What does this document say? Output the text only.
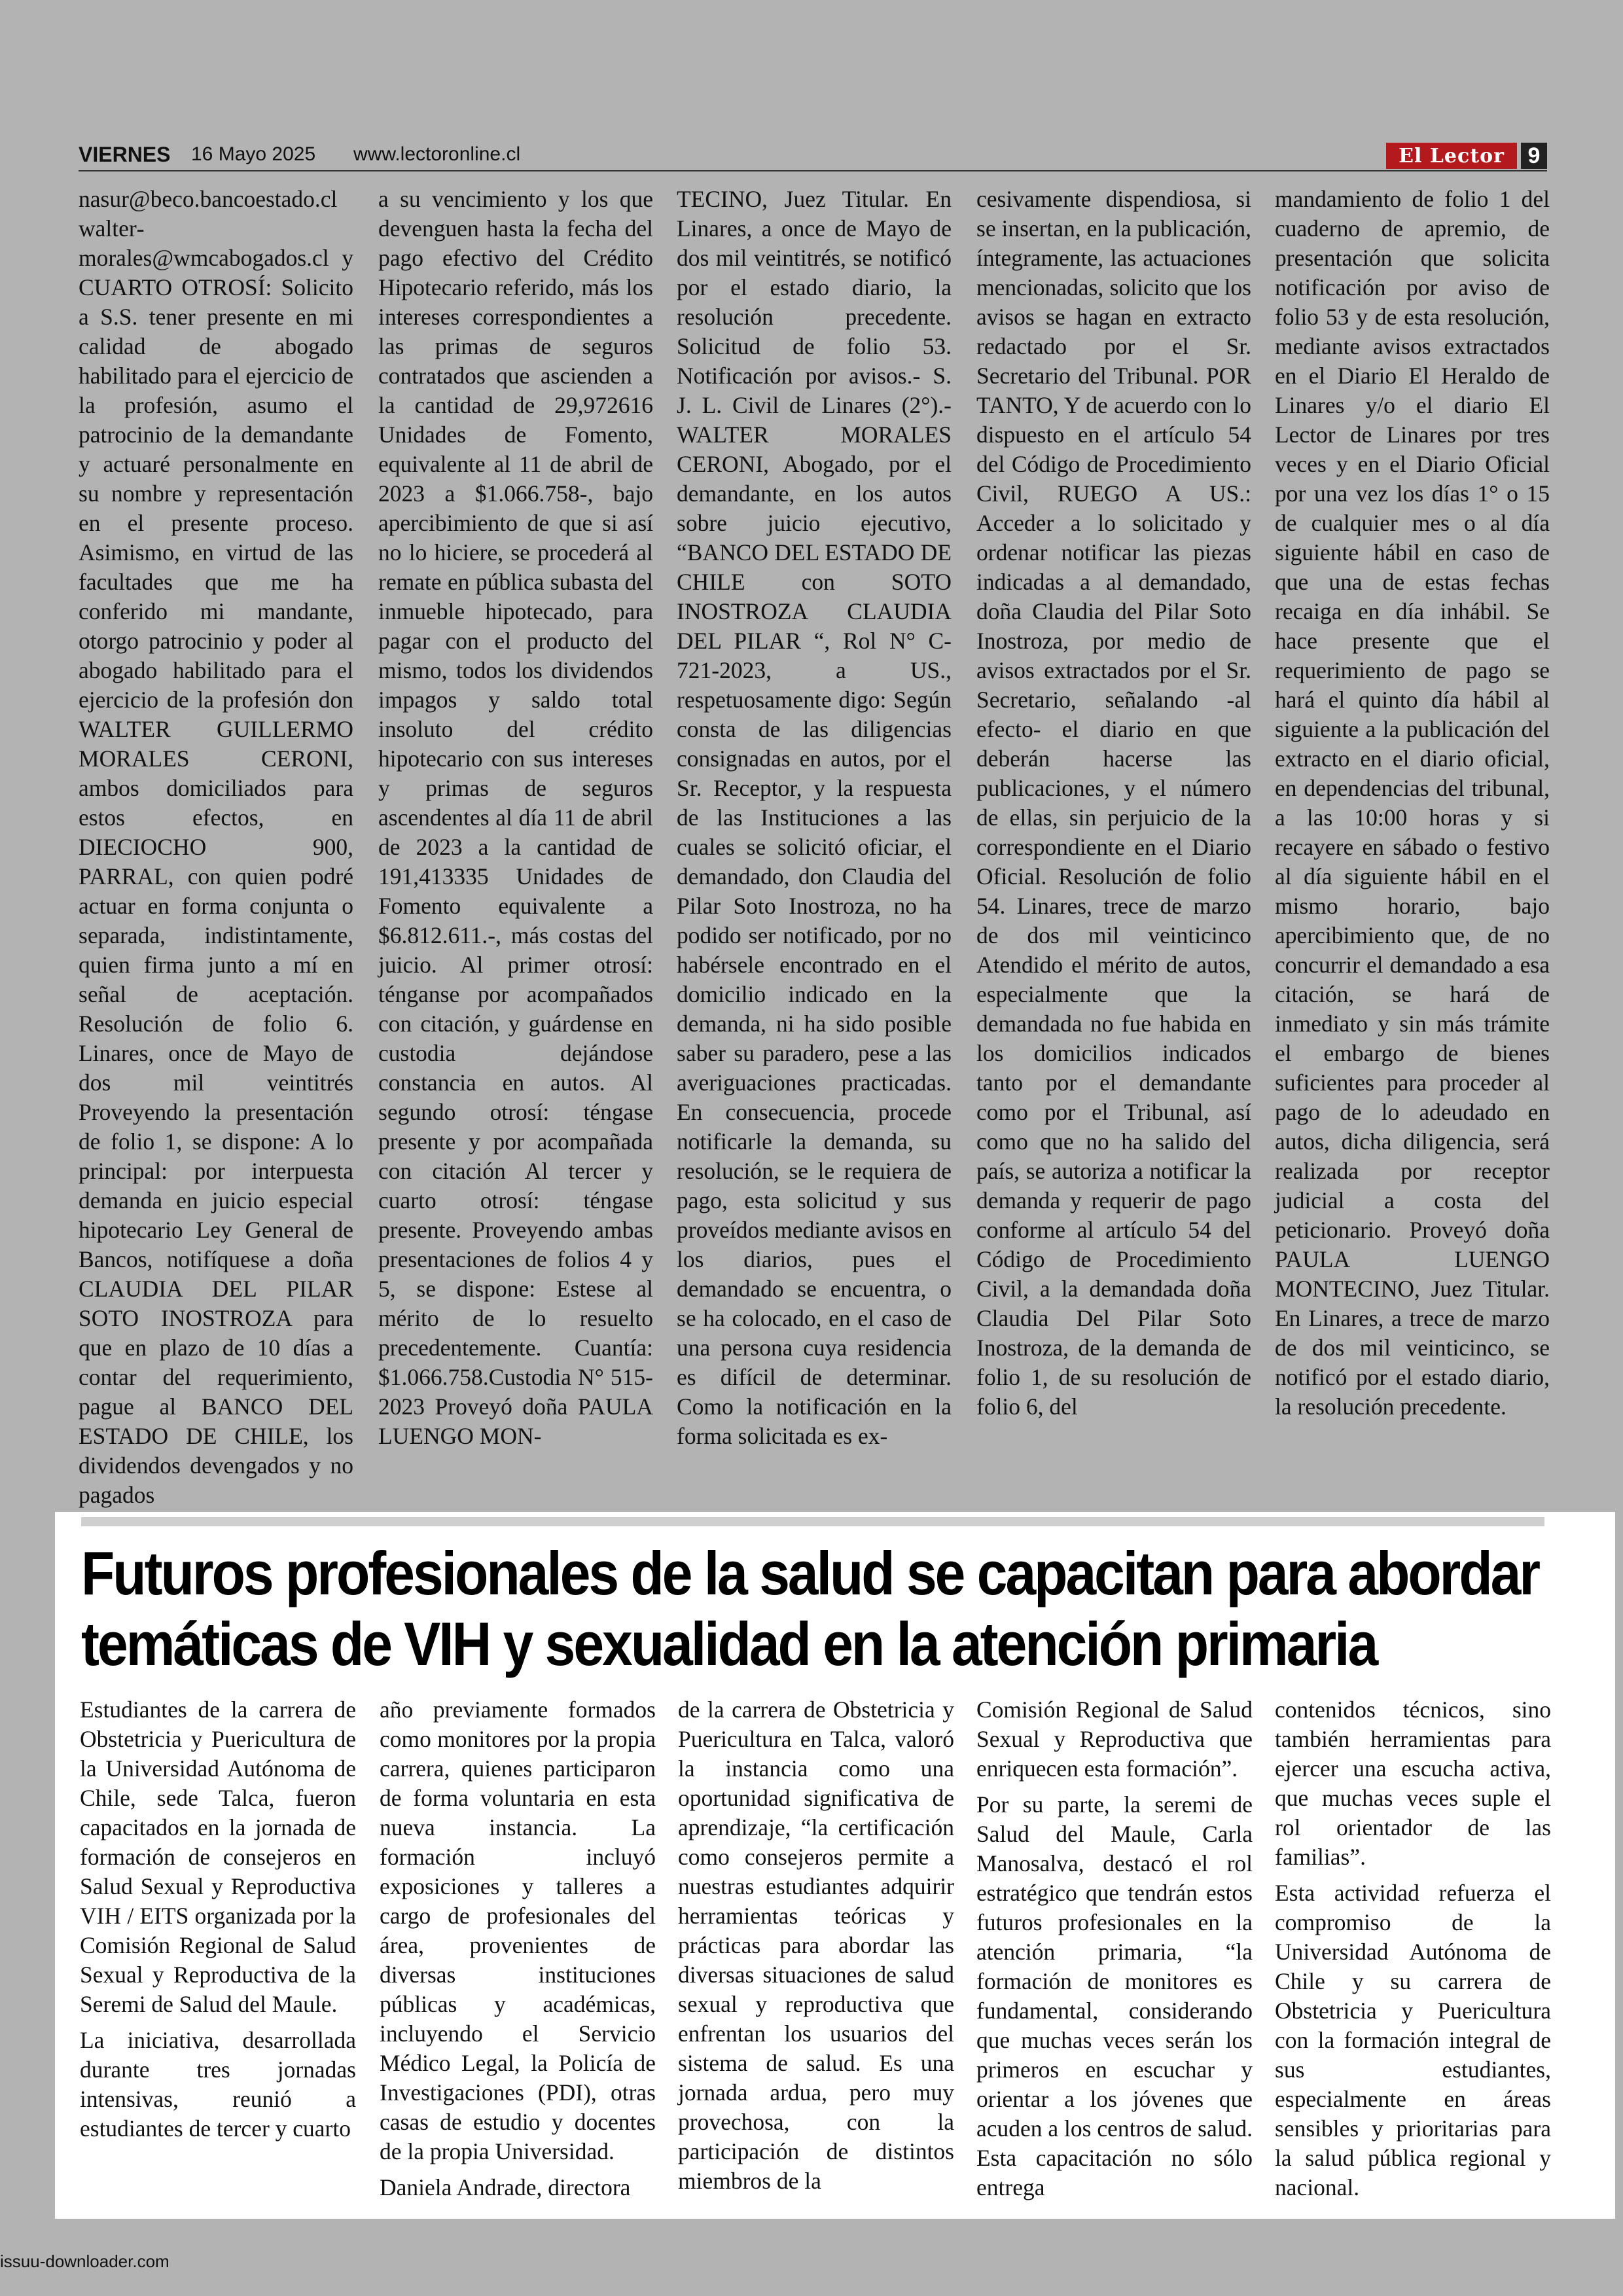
VIERNES 16 Mayo 2025 www.lectoronline.cl	El Lector	9

nasur@beco.bancoestado.cl waltermorales@wmcabogados.cl y CUARTO OTROSÍ: Solicito a S.S. tener presente en mi calidad de abogado habilitado para el ejercicio de la profesión, asumo el patrocinio de la demandante y actuaré personalmente en su nombre y representación en el presente proceso. Asimismo, en virtud de las facultades que me ha conferido mi mandante, otorgo patrocinio y poder al abogado habilitado para el ejercicio de la profesión don WALTER GUILLERMO MORALES CERONI, ambos domiciliados para estos efectos, en DIECIOCHO 900, PARRAL, con quien podré actuar en forma conjunta o separada, indistintamente, quien firma junto a mí en señal de aceptación. Resolución de folio 6. Linares, once de Mayo de dos mil veintitrés Proveyendo la presentación de folio 1, se dispone: A lo principal: por interpuesta demanda en juicio especial hipotecario Ley General de Bancos, notifíquese a doña CLAUDIA DEL PILAR SOTO INOSTROZA para que en plazo de 10 días a contar del requerimiento, pague al BANCO DEL ESTADO DE CHILE, los dividendos devengados y no pagados

a su vencimiento y los que devenguen hasta la fecha del pago efectivo del Crédito Hipotecario referido, más los intereses correspondientes a las primas de seguros contratados que ascienden a la cantidad de 29,972616 Unidades de Fomento, equivalente al 11 de abril de 2023 a $1.066.758-, bajo apercibimiento de que si así no lo hiciere, se procederá al remate en pública subasta del inmueble hipotecado, para pagar con el producto del mismo, todos los dividendos impagos y saldo total insoluto del crédito hipotecario con sus intereses y primas de seguros ascendentes al día 11 de abril de 2023 a la cantidad de 191,413335 Unidades de Fomento equivalente a $6.812.611.-, más costas del juicio. Al primer otrosí: ténganse por acompañados con citación, y guárdense en custodia dejándose constancia en autos. Al segundo otrosí: téngase presente y por acompañada con citación Al tercer y cuarto otrosí: téngase presente. Proveyendo ambas presentaciones de folios 4 y 5, se dispone: Estese al mérito de lo resuelto precedentemente. Cuantía: $1.066.758.Custodia N° 515-2023 Proveyó doña PAULA LUENGO MON-

TECINO, Juez Titular. En Linares, a once de Mayo de dos mil veintitrés, se notificó por el estado diario, la resolución precedente. Solicitud de folio 53. Notificación por avisos.- S. J. L. Civil de Linares (2°).- WALTER MORALES CERONI, Abogado, por el demandante, en los autos sobre juicio ejecutivo, “BANCO DEL ESTADO DE CHILE con SOTO INOSTROZA CLAUDIA DEL PILAR “, Rol N° C-721-2023, a US., respetuosamente digo: Según consta de las diligencias consignadas en autos, por el Sr. Receptor, y la respuesta de las Instituciones a las cuales se solicitó oficiar, el demandado, don Claudia del Pilar Soto Inostroza, no ha podido ser notificado, por no habérsele encontrado en el domicilio indicado en la demanda, ni ha sido posible saber su paradero, pese a las averiguaciones practicadas. En consecuencia, procede notificarle la demanda, su resolución, se le requiera de pago, esta solicitud y sus proveídos mediante avisos en los diarios, pues el demandado se encuentra, o se ha colocado, en el caso de una persona cuya residencia es difícil de determinar. Como la notificación en la forma solicitada es ex-

cesivamente dispendiosa, si se insertan, en la publicación, íntegramente, las actuaciones mencionadas, solicito que los avisos se hagan en extracto redactado por el Sr. Secretario del Tribunal. POR TANTO, Y de acuerdo con lo dispuesto en el artículo 54 del Código de Procedimiento Civil, RUEGO A US.: Acceder a lo solicitado y ordenar notificar las piezas indicadas a al demandado, doña Claudia del Pilar Soto Inostroza, por medio de avisos extractados por el Sr. Secretario, señalando -al efecto- el diario en que deberán hacerse las publicaciones, y el número de ellas, sin perjuicio de la correspondiente en el Diario Oficial. Resolución de folio 54. Linares, trece de marzo de dos mil veinticinco Atendido el mérito de autos, especialmente que la demandada no fue habida en los domicilios indicados tanto por el demandante como por el Tribunal, así como que no ha salido del país, se autoriza a notificar la demanda y requerir de pago conforme al artículo 54 del Código de Procedimiento Civil, a la demandada doña Claudia Del Pilar Soto Inostroza, de la demanda de folio 1, de su resolución de folio 6, del

mandamiento de folio 1 del cuaderno de apremio, de presentación que solicita notificación por aviso de folio 53 y de esta resolución, mediante avisos extractados en el Diario El Heraldo de Linares y/o el diario El Lector de Linares por tres veces y en el Diario Oficial por una vez los días 1° o 15 de cualquier mes o al día siguiente hábil en caso de que una de estas fechas recaiga en día inhábil. Se hace presente que el requerimiento de pago se hará el quinto día hábil al siguiente a la publicación del extracto en el diario oficial, en dependencias del tribunal, a las 10:00 horas y si recayere en sábado o festivo al día siguiente hábil en el mismo horario, bajo apercibimiento que, de no concurrir el demandado a esa citación, se hará de inmediato y sin más trámite el embargo de bienes suficientes para proceder al pago de lo adeudado en autos, dicha diligencia, será realizada por receptor judicial a costa del peticionario. Proveyó doña PAULA LUENGO MONTECINO, Juez Titular. En Linares, a trece de marzo de dos mil veinticinco, se notificó por el estado diario, la resolución precedente.

Futuros profesionales de la salud se capacitan para abordar temáticas de VIH y sexualidad en la atención primaria

Estudiantes de la carrera de Obstetricia y Puericultura de la Universidad Autónoma de Chile, sede Talca, fueron capacitados en la jornada de formación de consejeros en Salud Sexual y Reproductiva VIH / EITS organizada por la Comisión Regional de Salud Sexual y Reproductiva de la Seremi de Salud del Maule.

La iniciativa, desarrollada durante tres jornadas intensivas, reunió a estudiantes de tercer y cuarto

año previamente formados como monitores por la propia carrera, quienes participaron de forma voluntaria en esta nueva instancia. La formación incluyó exposiciones y talleres a cargo de profesionales del área, provenientes de diversas instituciones públicas y académicas, incluyendo el Servicio Médico Legal, la Policía de Investigaciones (PDI), otras casas de estudio y docentes de la propia Universidad.

Daniela Andrade, directora

de la carrera de Obstetricia y Puericultura en Talca, valoró la instancia como una oportunidad significativa de aprendizaje, “la certificación como consejeros permite a nuestras estudiantes adquirir herramientas teóricas y prácticas para abordar las diversas situaciones de salud sexual y reproductiva que enfrentan los usuarios del sistema de salud. Es una jornada ardua, pero muy provechosa, con la participación de distintos miembros de la

Comisión Regional de Salud Sexual y Reproductiva que enriquecen esta formación”.

Por su parte, la seremi de Salud del Maule, Carla Manosalva, destacó el rol estratégico que tendrán estos futuros profesionales en la atención primaria, “la formación de monitores es fundamental, considerando que muchas veces serán los primeros en escuchar y orientar a los jóvenes que acuden a los centros de salud. Esta capacitación no sólo entrega

contenidos técnicos, sino también herramientas para ejercer una escucha activa, que muchas veces suple el rol orientador de las familias”.

Esta actividad refuerza el compromiso de la Universidad Autónoma de Chile y su carrera de Obstetricia y Puericultura con la formación integral de sus estudiantes, especialmente en áreas sensibles y prioritarias para la salud pública regional y nacional.

issuu-downloader.com
